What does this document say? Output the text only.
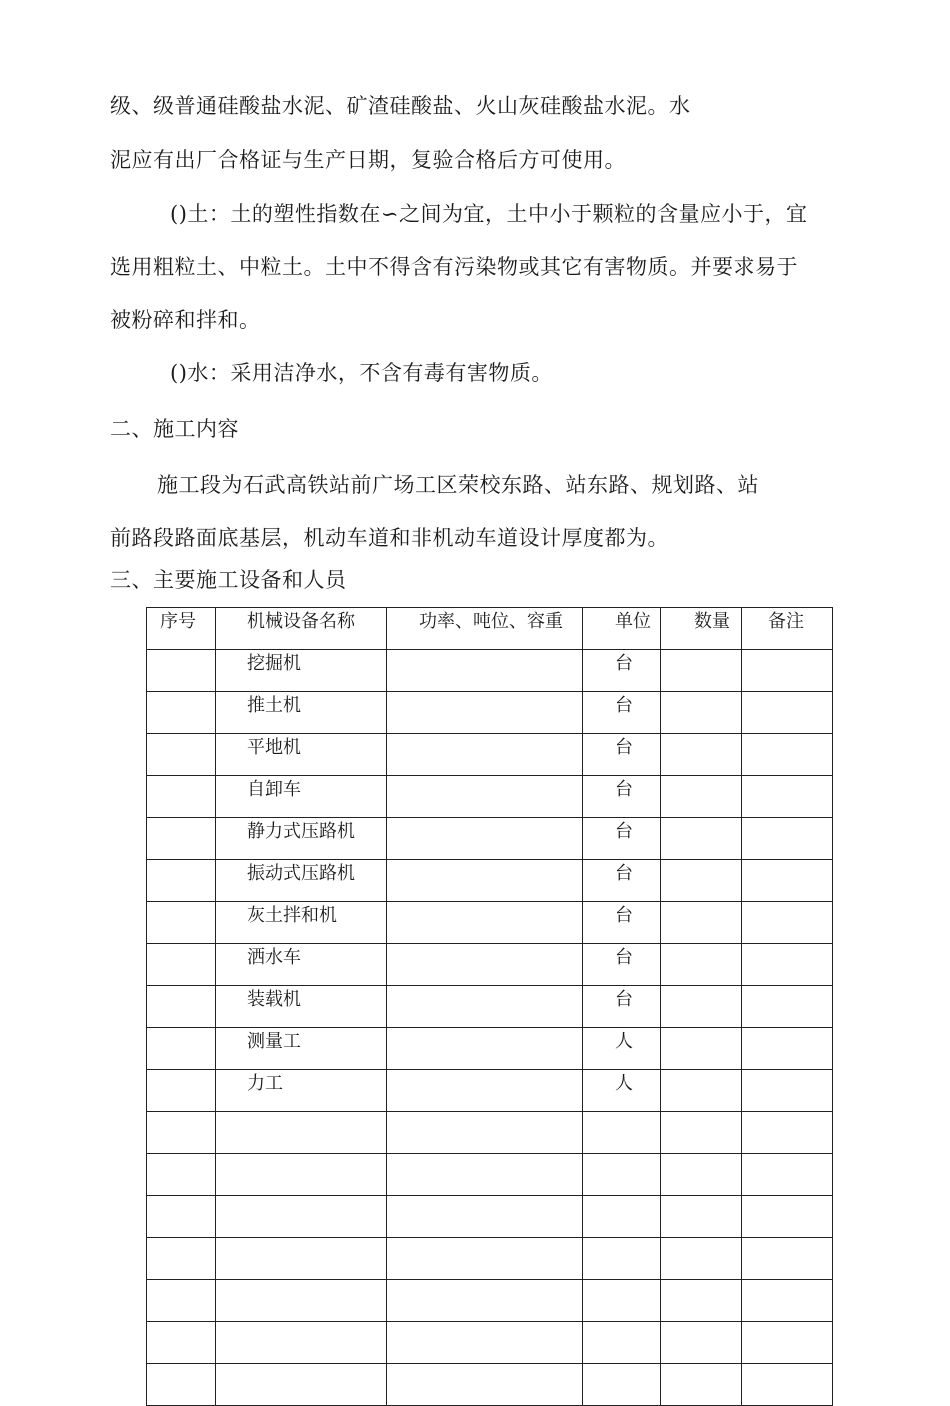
级、级普通硅酸盐水泥、矿渣硅酸盐、火山灰硅酸盐水泥。水

泥应有出厂合格证与生产日期，复验合格后方可使用。

()土：土的塑性指数在∽之间为宜，土中小于颗粒的含量应小于，宜

选用粗粒土、中粒土。土中不得含有污染物或其它有害物质。并要求易于

被粉碎和拌和。

()水：采用洁净水，不含有毒有害物质。

二、施工内容

施工段为石武高铁站前广场工区荣校东路、站东路、规划路、站

前路段路面底基层，机动车道和非机动车道设计厚度都为。

三、主要施工设备和人员

序号	机械设备名称	功率、吨位、容重	单位	数量	备注

	挖掘机		台		

	推土机		台		

	平地机		台		

	自卸车		台		

	静力式压路机		台		

	振动式压路机		台		

	灰土拌和机		台		

	洒水车		台		

	装载机		台		

	测量工		人		

	力工		人		
